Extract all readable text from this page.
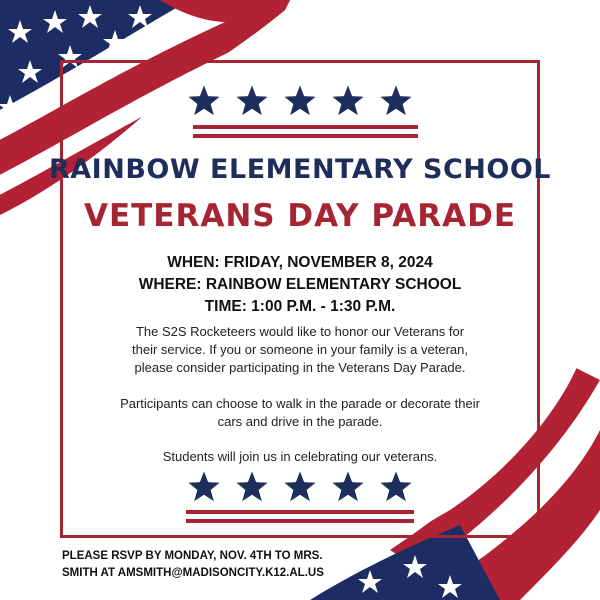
RAINBOW ELEMENTARY SCHOOL
VETERANS DAY PARADE
WHEN: FRIDAY, NOVEMBER 8, 2024
WHERE: RAINBOW ELEMENTARY SCHOOL
TIME: 1:00 P.M. - 1:30 P.M.
The S2S Rocketeers would like to honor our Veterans for their service. If you or someone in your family is a veteran, please consider participating in the Veterans Day Parade.
Participants can choose to walk in the parade or decorate their cars and drive in the parade.
Students will join us in celebrating our veterans.
PLEASE RSVP BY MONDAY, NOV. 4TH TO MRS.
SMITH AT AMSMITH@MADISONCITY.K12.AL.US
